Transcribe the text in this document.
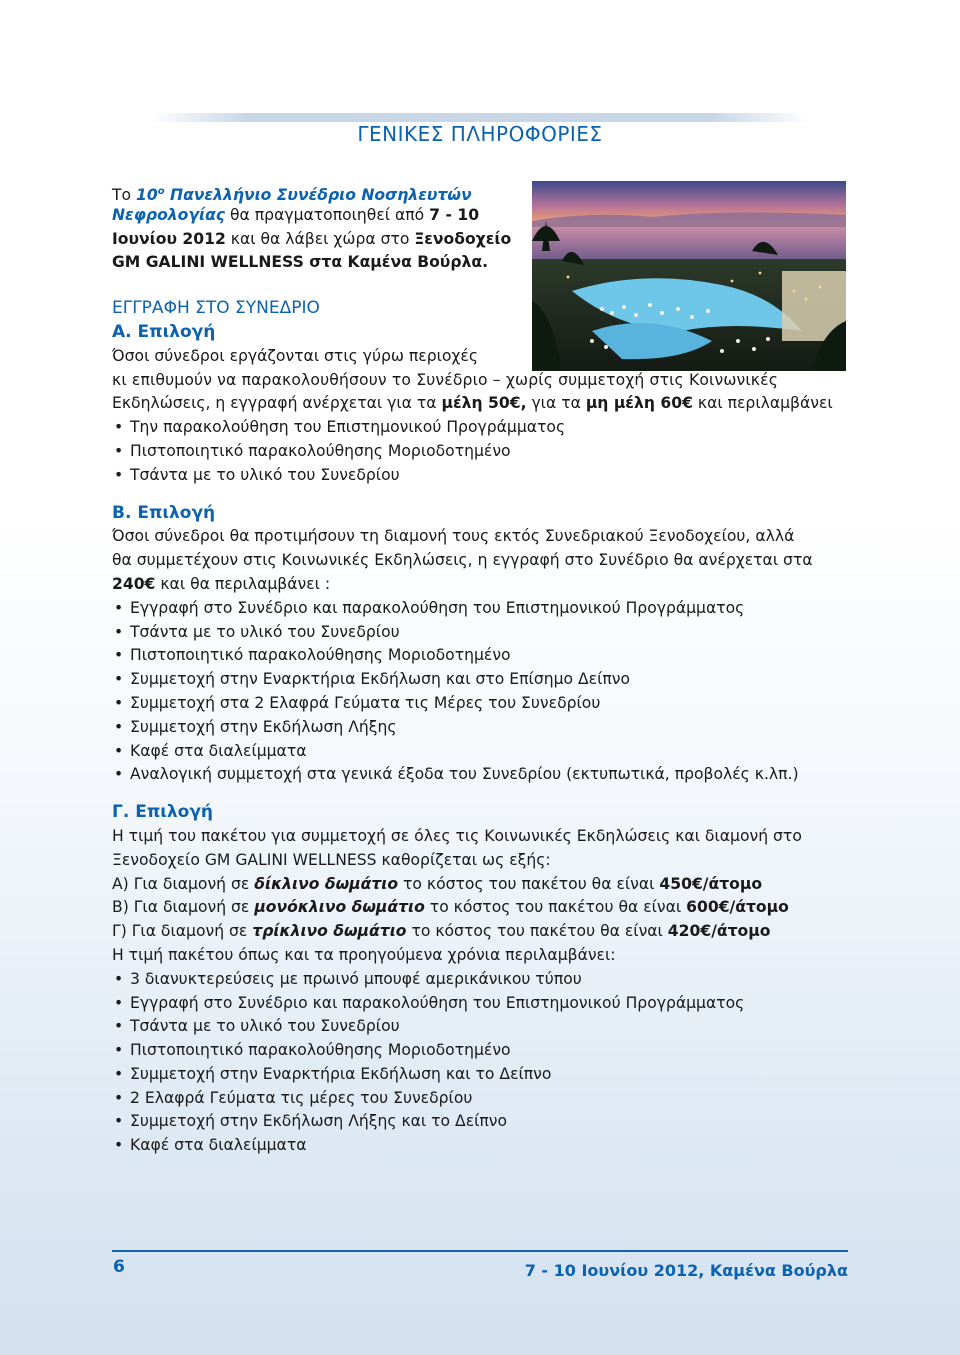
ΓΕΝΙΚΕΣ ΠΛΗΡΟΦΟΡΙΕΣ
Το $10^o$ Πανελλήνιο Συνέδριο Νοσηλευτών
Νεφρολογίας θα πραγματοποιηθεί από 7 - 10
Ιουνίου 2012 και θα λάβει χώρα στο Ξενοδοχείο
GM GALINI WELLNESS στα Καμένα Βούρλα.
ΕΓΓΡΑΦΗ ΣΤΟ ΣΥΝΕΔΡΙΟ
Α. Επιλογή
Όσοι σύνεδροι εργάζονται στις γύρω περιοχές
κι επιθυμούν να παρακολουθήσουν το Συνέδριο – χωρίς συμμετοχή στις Κοινωνικές
Εκδηλώσεις, η εγγραφή ανέρχεται για τα μέλη 50€, για τα μη μέλη 60€ και περιλαμβάνει
• Την παρακολούθηση του Επιστημονικού Προγράμματος
• Πιστοποιητικό παρακολούθησης Μοριοδοτημένο
• Τσάντα με το υλικό του Συνεδρίου
Β. Επιλογή
Όσοι σύνεδροι θα προτιμήσουν τη διαμονή τους εκτός Συνεδριακού Ξενοδοχείου, αλλά
θα συμμετέχουν στις Κοινωνικές Εκδηλώσεις, η εγγραφή στο Συνέδριο θα ανέρχεται στα
240€ και θα περιλαμβάνει :
• Εγγραφή στο Συνέδριο και παρακολούθηση του Επιστημονικού Προγράμματος
• Τσάντα με το υλικό του Συνεδρίου
• Πιστοποιητικό παρακολούθησης Μοριοδοτημένο
• Συμμετοχή στην Εναρκτήρια Εκδήλωση και στο Επίσημο Δείπνο
• Συμμετοχή στα 2 Ελαφρά Γεύματα τις Μέρες του Συνεδρίου
• Συμμετοχή στην Εκδήλωση Λήξης
• Καφέ στα διαλείμματα
• Αναλογική συμμετοχή στα γενικά έξοδα του Συνεδρίου (εκτυπωτικά, προβολές κ.λπ.)
Γ. Επιλογή
Η τιμή του πακέτου για συμμετοχή σε όλες τις Κοινωνικές Εκδηλώσεις και διαμονή στο
Ξενοδοχείο GM GALINI WELLNESS καθορίζεται ως εξής:
Α) Για διαμονή σε δίκλινο δωμάτιο το κόστος του πακέτου θα είναι 450€/άτομο
Β) Για διαμονή σε μονόκλινο δωμάτιο το κόστος του πακέτου θα είναι 600€/άτομο
Γ) Για διαμονή σε τρίκλινο δωμάτιο το κόστος του πακέτου θα είναι 420€/άτομο
Η τιμή πακέτου όπως και τα προηγούμενα χρόνια περιλαμβάνει:
• 3 διανυκτερεύσεις με πρωινό μπουφέ αμερικάνικου τύπου
• Εγγραφή στο Συνέδριο και παρακολούθηση του Επιστημονικού Προγράμματος
• Τσάντα με το υλικό του Συνεδρίου
• Πιστοποιητικό παρακολούθησης Μοριοδοτημένο
• Συμμετοχή στην Εναρκτήρια Εκδήλωση και το Δείπνο
• 2 Ελαφρά Γεύματα τις μέρες του Συνεδρίου
• Συμμετοχή στην Εκδήλωση Λήξης και το Δείπνο
• Καφέ στα διαλείμματα
6	7 - 10 Ιουνίου 2012, Καμένα Βούρλα
